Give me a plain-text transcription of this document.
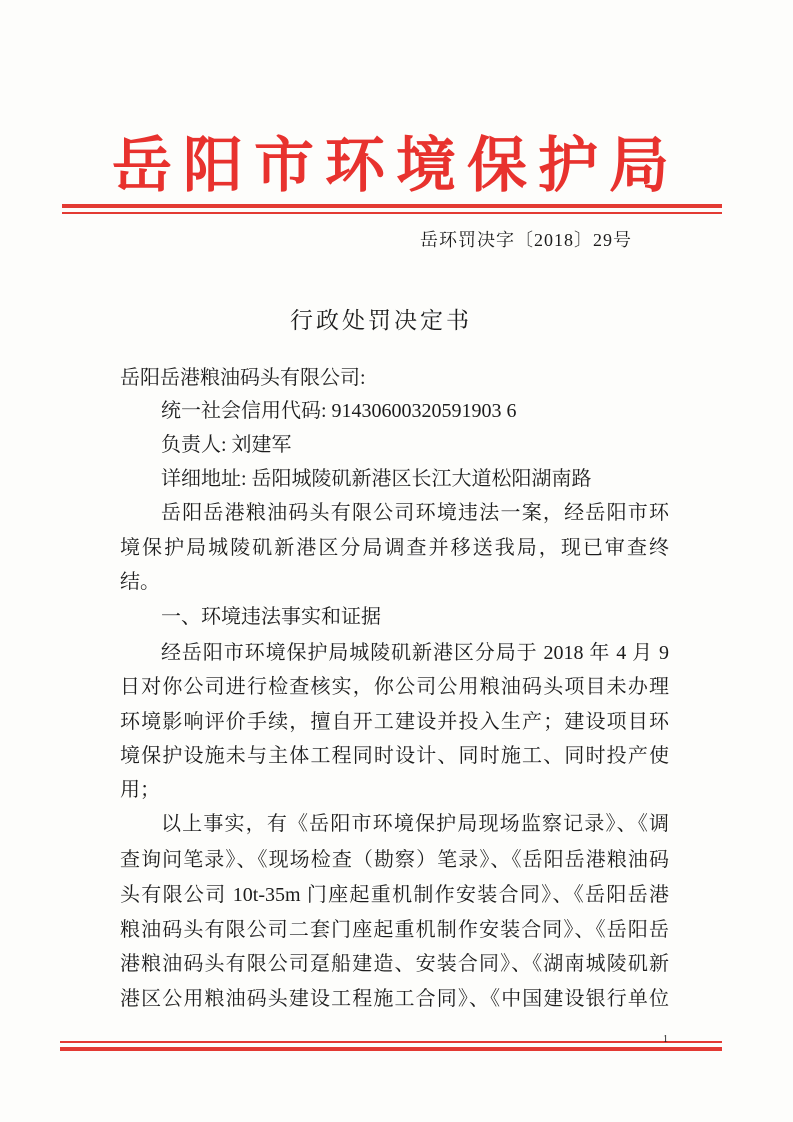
岳阳市环境保护局
岳环罚决字〔2018〕29号
行政处罚决定书
岳阳岳港粮油码头有限公司:
统一社会信用代码: 91430600320591903 6
负责人: 刘建军
详细地址: 岳阳城陵矶新港区长江大道松阳湖南路
岳阳岳港粮油码头有限公司环境违法一案，经岳阳市环
境保护局城陵矶新港区分局调查并移送我局，现已审查终
结。
一、环境违法事实和证据
经岳阳市环境保护局城陵矶新港区分局于 2018 年 4 月 9
日对你公司进行检查核实，你公司公用粮油码头项目未办理
环境影响评价手续，擅自开工建设并投入生产；建设项目环
境保护设施未与主体工程同时设计、同时施工、同时投产使
用；
以上事实，有《岳阳市环境保护局现场监察记录》、《调
查询问笔录》、《现场检查（勘察）笔录》、《岳阳岳港粮油码
头有限公司 10t-35m 门座起重机制作安装合同》、《岳阳岳港
粮油码头有限公司二套门座起重机制作安装合同》、《岳阳岳
港粮油码头有限公司趸船建造、安装合同》、《湖南城陵矶新
港区公用粮油码头建设工程施工合同》、《中国建设银行单位
1
